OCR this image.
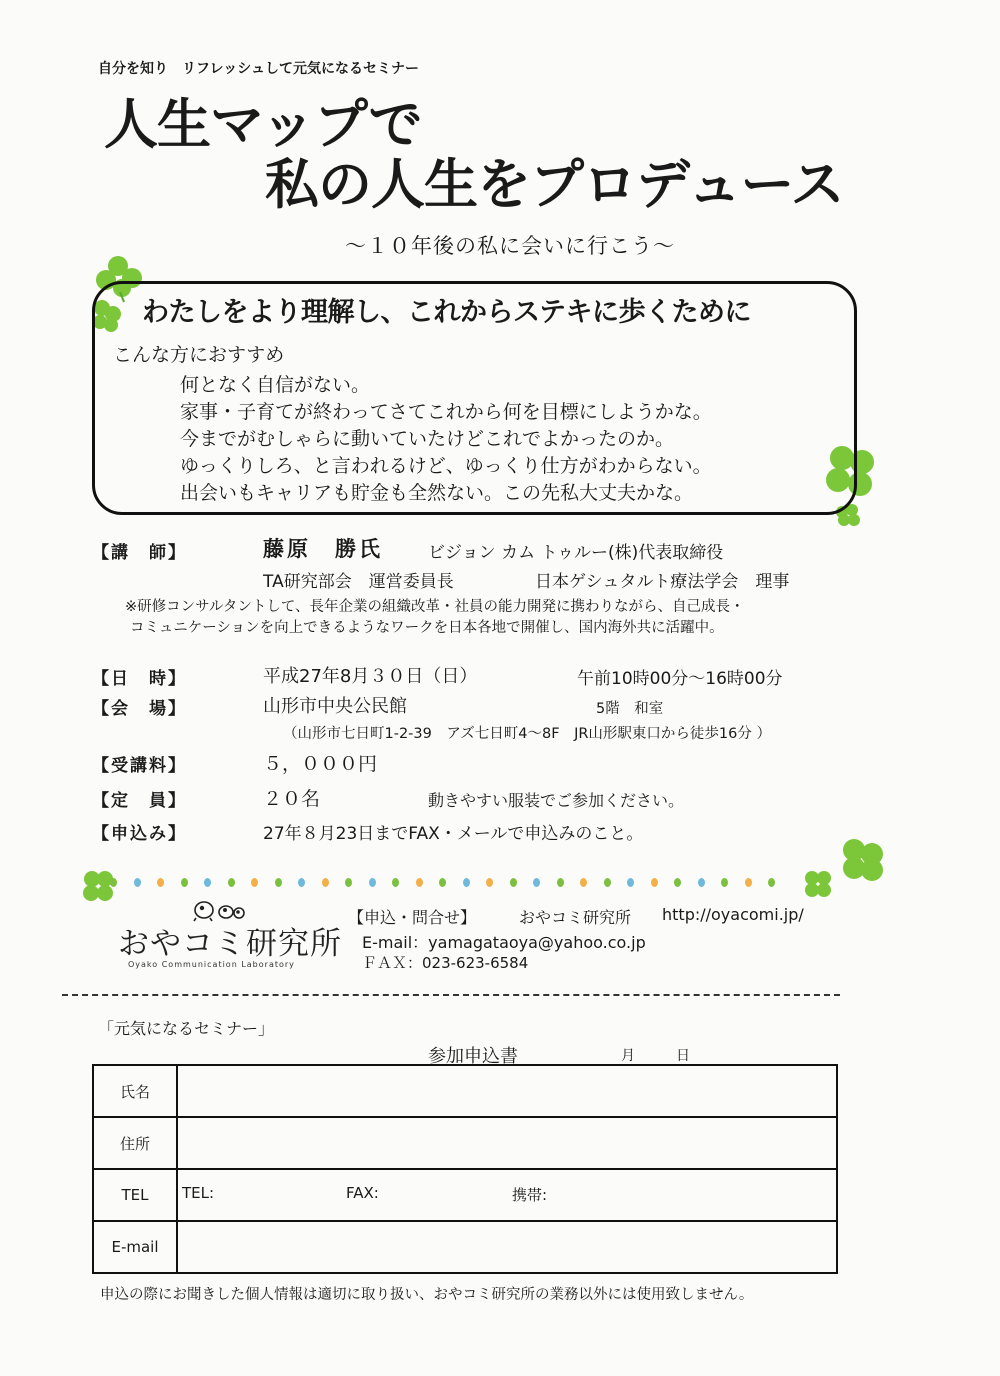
自分を知り　リフレッシュして元気になるセミナー
人生マップで
私の人生をプロデュース
～１０年後の私に会いに行こう～
わたしをより理解し、これからステキに歩くために
こんな方におすすめ
何となく自信がない。
家事・子育てが終わってさてこれから何を目標にしようかな。
今までがむしゃらに動いていたけどこれでよかったのか。
ゆっくりしろ、と言われるけど、ゆっくり仕方がわからない。
出会いもキャリアも貯金も全然ない。この先私大丈夫かな。
【講　師】	藤原　勝氏	ビジョン カム トゥルー(株)代表取締役
TA研究部会　運営委員長	日本ゲシュタルト療法学会　理事
※研修コンサルタントして、長年企業の組織改革・社員の能力開発に携わりながら、自己成長・
コミュニケーションを向上できるようなワークを日本各地で開催し、国内海外共に活躍中。
【日　時】	平成27年8月３０日（日）	午前10時00分～16時00分
【会　場】	山形市中央公民館	5階　和室
（山形市七日町1-2-39　アズ七日町4～8F　JR山形駅東口から徒歩16分 ）
【受講料】	５，０００円
【定　員】	２０名	動きやすい服装でご参加ください。
【申込み】	27年８月23日までFAX・メールで申込みのこと。
おやコミ研究所
Oyako Communication Laboratory
【申込・問合せ】	おやコミ研究所 http://oyacomi.jp/
E-mail：yamagataoya@yahoo.co.jp
ＦＡＸ：023-623-6584
「元気になるセミナー」
参加申込書	月	日
氏名	
住所	
TEL	TEL: FAX: 携帯:

E-mail	
申込の際にお聞きした個人情報は適切に取り扱い、おやコミ研究所の業務以外には使用致しません。
